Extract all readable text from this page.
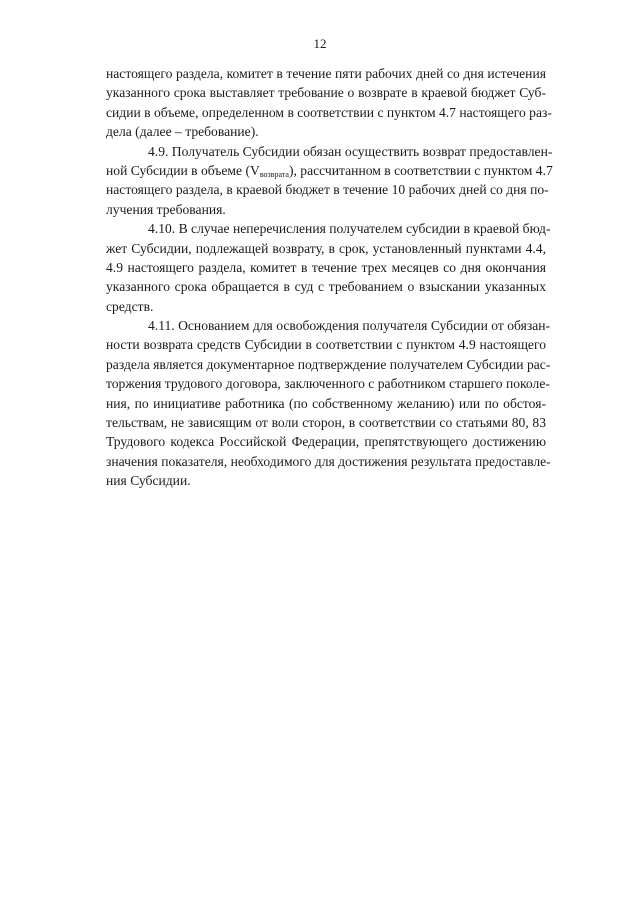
12
настоящего раздела, комитет в течение пяти рабочих дней со дня истечения
указанного срока выставляет требование о возврате в краевой бюджет Суб-
сидии в объеме, определенном в соответствии с пунктом 4.7 настоящего раз-
дела (далее – требование).
4.9. Получатель Субсидии обязан осуществить возврат предоставлен-
ной Субсидии в объеме $(V_{возврата})$, рассчитанном в соответствии с пунктом 4.7
настоящего раздела, в краевой бюджет в течение 10 рабочих дней со дня по-
лучения требования.
4.10. В случае неперечисления получателем субсидии в краевой бюд-
жет Субсидии, подлежащей возврату, в срок, установленный пунктами 4.4,
4.9 настоящего раздела, комитет в течение трех месяцев со дня окончания
указанного срока обращается в суд с требованием о взыскании указанных
средств.
4.11. Основанием для освобождения получателя Субсидии от обязан-
ности возврата средств Субсидии в соответствии с пунктом 4.9 настоящего
раздела является документарное подтверждение получателем Субсидии рас-
торжения трудового договора, заключенного с работником старшего поколе-
ния, по инициативе работника (по собственному желанию) или по обстоя-
тельствам, не зависящим от воли сторон, в соответствии со статьями 80, 83
Трудового кодекса Российской Федерации, препятствующего достижению
значения показателя, необходимого для достижения результата предоставле-
ния Субсидии.
